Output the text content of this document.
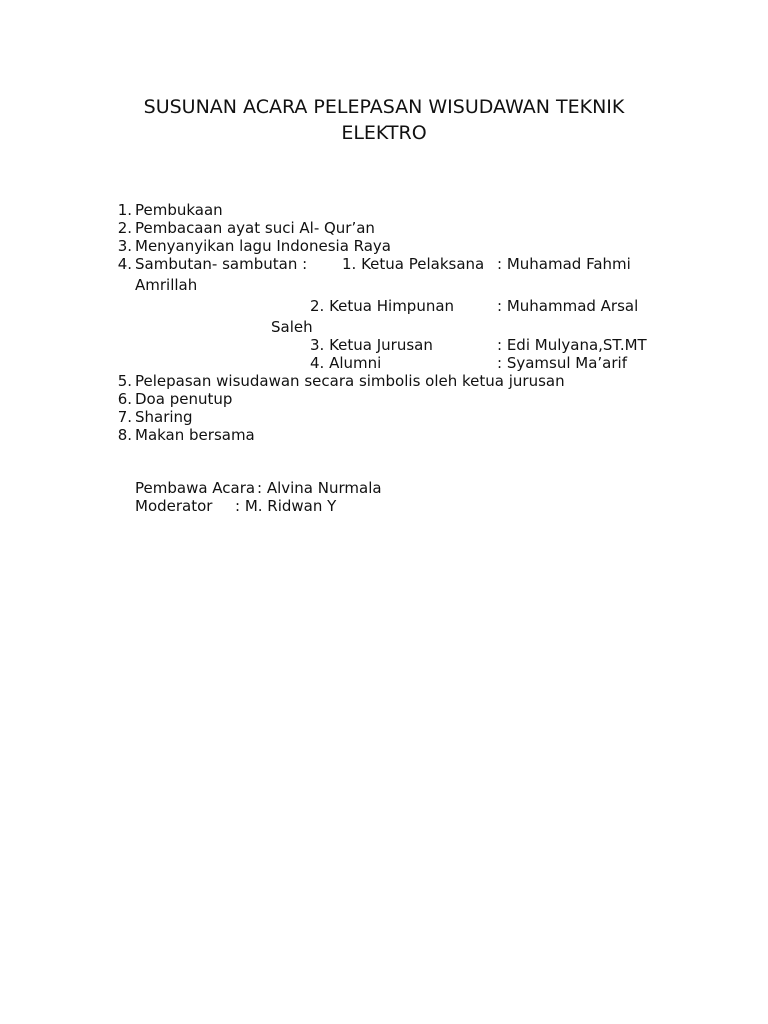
SUSUNAN ACARA PELEPASAN WISUDAWAN TEKNIK
ELEKTRO
1. Pembukaan
2. Pembacaan ayat suci Al- Qur’an
3. Menyanyikan lagu Indonesia Raya
4. Sambutan- sambutan : 1. Ketua Pelaksana : Muhamad Fahmi
Amrillah
2. Ketua Himpunan	: Muhammad Arsal
Saleh
3. Ketua Jurusan	: Edi Mulyana,ST.MT
4. Alumni	: Syamsul Ma’arif
5. Pelepasan wisudawan secara simbolis oleh ketua jurusan
6. Doa penutup
7. Sharing
8. Makan bersama
Pembawa Acara : Alvina Nurmala
Moderator : M. Ridwan Y
